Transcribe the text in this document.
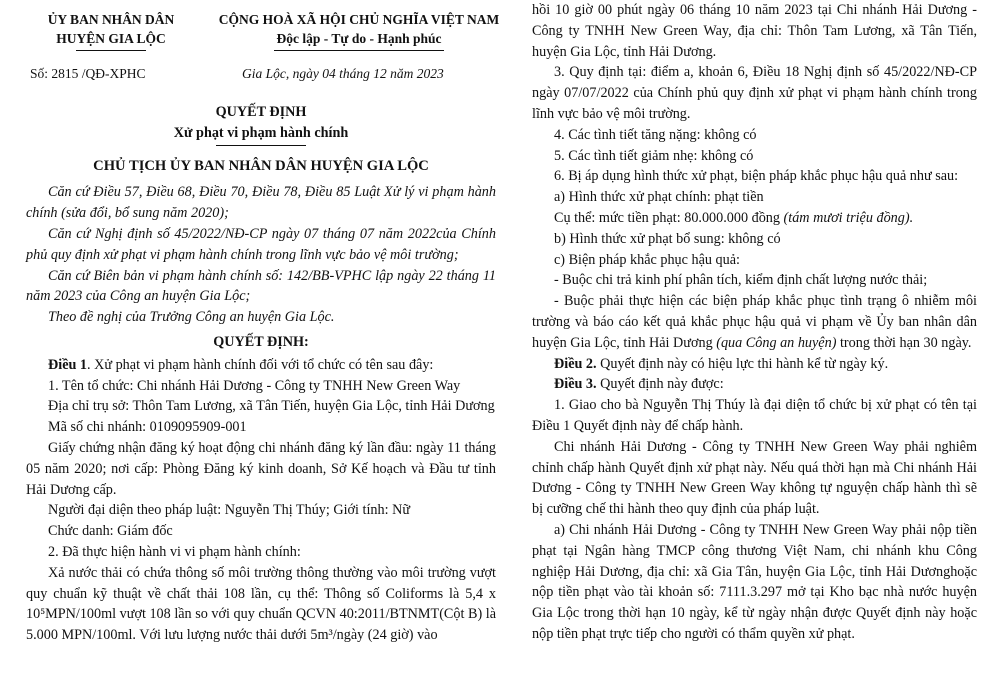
ỦY BAN NHÂN DÂN
HUYỆN GIA LỘC
CỘNG HOÀ XÃ HỘI CHỦ NGHĨA VIỆT NAM
Độc lập - Tự do - Hạnh phúc
Số: 2815 /QĐ-XPHC	Gia Lộc, ngày 04 tháng 12 năm 2023

QUYẾT ĐỊNH

Xử phạt vi phạm hành chính

CHỦ TỊCH ỦY BAN NHÂN DÂN HUYỆN GIA LỘC

Căn cứ Điều 57, Điều 68, Điều 70, Điều 78, Điều 85 Luật Xử lý vi phạm hành chính (sửa đổi, bổ sung năm 2020);

Căn cứ Nghị định số 45/2022/NĐ-CP ngày 07 tháng 07 năm 2022của Chính phủ quy định xử phạt vi phạm hành chính trong lĩnh vực bảo vệ môi trường;

Căn cứ Biên bản vi phạm hành chính số: 142/BB-VPHC lập ngày 22 tháng 11 năm 2023 của Công an huyện Gia Lộc;

Theo đề nghị của Trưởng Công an huyện Gia Lộc.

QUYẾT ĐỊNH:

Điều 1. Xử phạt vi phạm hành chính đối với tổ chức có tên sau đây:

1. Tên tổ chức: Chi nhánh Hải Dương - Công ty TNHH New Green Way

Địa chỉ trụ sở: Thôn Tam Lương, xã Tân Tiến, huyện Gia Lộc, tỉnh Hải Dương

Mã số chi nhánh: 0109095909-001

Giấy chứng nhận đăng ký hoạt động chi nhánh đăng ký lần đầu: ngày 11 tháng 05 năm 2020; nơi cấp: Phòng Đăng ký kinh doanh, Sở Kế hoạch và Đầu tư tỉnh Hải Dương cấp.

Người đại diện theo pháp luật: Nguyễn Thị Thúy; Giới tính: Nữ

Chức danh: Giám đốc

2. Đã thực hiện hành vi vi phạm hành chính:

Xả nước thải có chứa thông số môi trường thông thường vào môi trường vượt quy chuẩn kỹ thuật về chất thải 108 lần, cụ thể: Thông số Coliforms là 5,4 x 10⁵MPN/100ml vượt 108 lần so với quy chuẩn QCVN 40:2011/BTNMT(Cột B) là 5.000 MPN/100ml. Với lưu lượng nước thải dưới 5m³/ngày (24 giờ) vào

hồi 10 giờ 00 phút ngày 06 tháng 10 năm 2023 tại Chi nhánh Hải Dương - Công ty TNHH New Green Way, địa chỉ: Thôn Tam Lương, xã Tân Tiến, huyện Gia Lộc, tỉnh Hải Dương.

3. Quy định tại: điểm a, khoản 6, Điều 18 Nghị định số 45/2022/NĐ-CP ngày 07/07/2022 của Chính phủ quy định xử phạt vi phạm hành chính trong lĩnh vực bảo vệ môi trường.

4. Các tình tiết tăng nặng: không có

5. Các tình tiết giảm nhẹ: không có

6. Bị áp dụng hình thức xử phạt, biện pháp khắc phục hậu quả như sau:

a) Hình thức xử phạt chính: phạt tiền

Cụ thể: mức tiền phạt: 80.000.000 đồng (tám mươi triệu đồng).

b) Hình thức xử phạt bổ sung: không có

c) Biện pháp khắc phục hậu quả:

- Buộc chi trả kinh phí phân tích, kiểm định chất lượng nước thải;

- Buộc phải thực hiện các biện pháp khắc phục tình trạng ô nhiễm môi trường và báo cáo kết quả khắc phục hậu quả vi phạm về Ủy ban nhân dân huyện Gia Lộc, tỉnh Hải Dương (qua Công an huyện) trong thời hạn 30 ngày.

Điều 2. Quyết định này có hiệu lực thi hành kể từ ngày ký.

Điều 3. Quyết định này được:

1. Giao cho bà Nguyễn Thị Thúy là đại diện tổ chức bị xử phạt có tên tại Điều 1 Quyết định này để chấp hành.

Chi nhánh Hải Dương - Công ty TNHH New Green Way phải nghiêm chỉnh chấp hành Quyết định xử phạt này. Nếu quá thời hạn mà Chi nhánh Hải Dương - Công ty TNHH New Green Way không tự nguyện chấp hành thì sẽ bị cưỡng chế thi hành theo quy định của pháp luật.

a) Chi nhánh Hải Dương - Công ty TNHH New Green Way phải nộp tiền phạt tại Ngân hàng TMCP công thương Việt Nam, chi nhánh khu Công nghiệp Hải Dương, địa chỉ: xã Gia Tân, huyện Gia Lộc, tỉnh Hải Dươnghoặc nộp tiền phạt vào tài khoản số: 7111.3.297 mở tại Kho bạc nhà nước huyện Gia Lộc trong thời hạn 10 ngày, kể từ ngày nhận được Quyết định này hoặc nộp tiền phạt trực tiếp cho người có thẩm quyền xử phạt.
